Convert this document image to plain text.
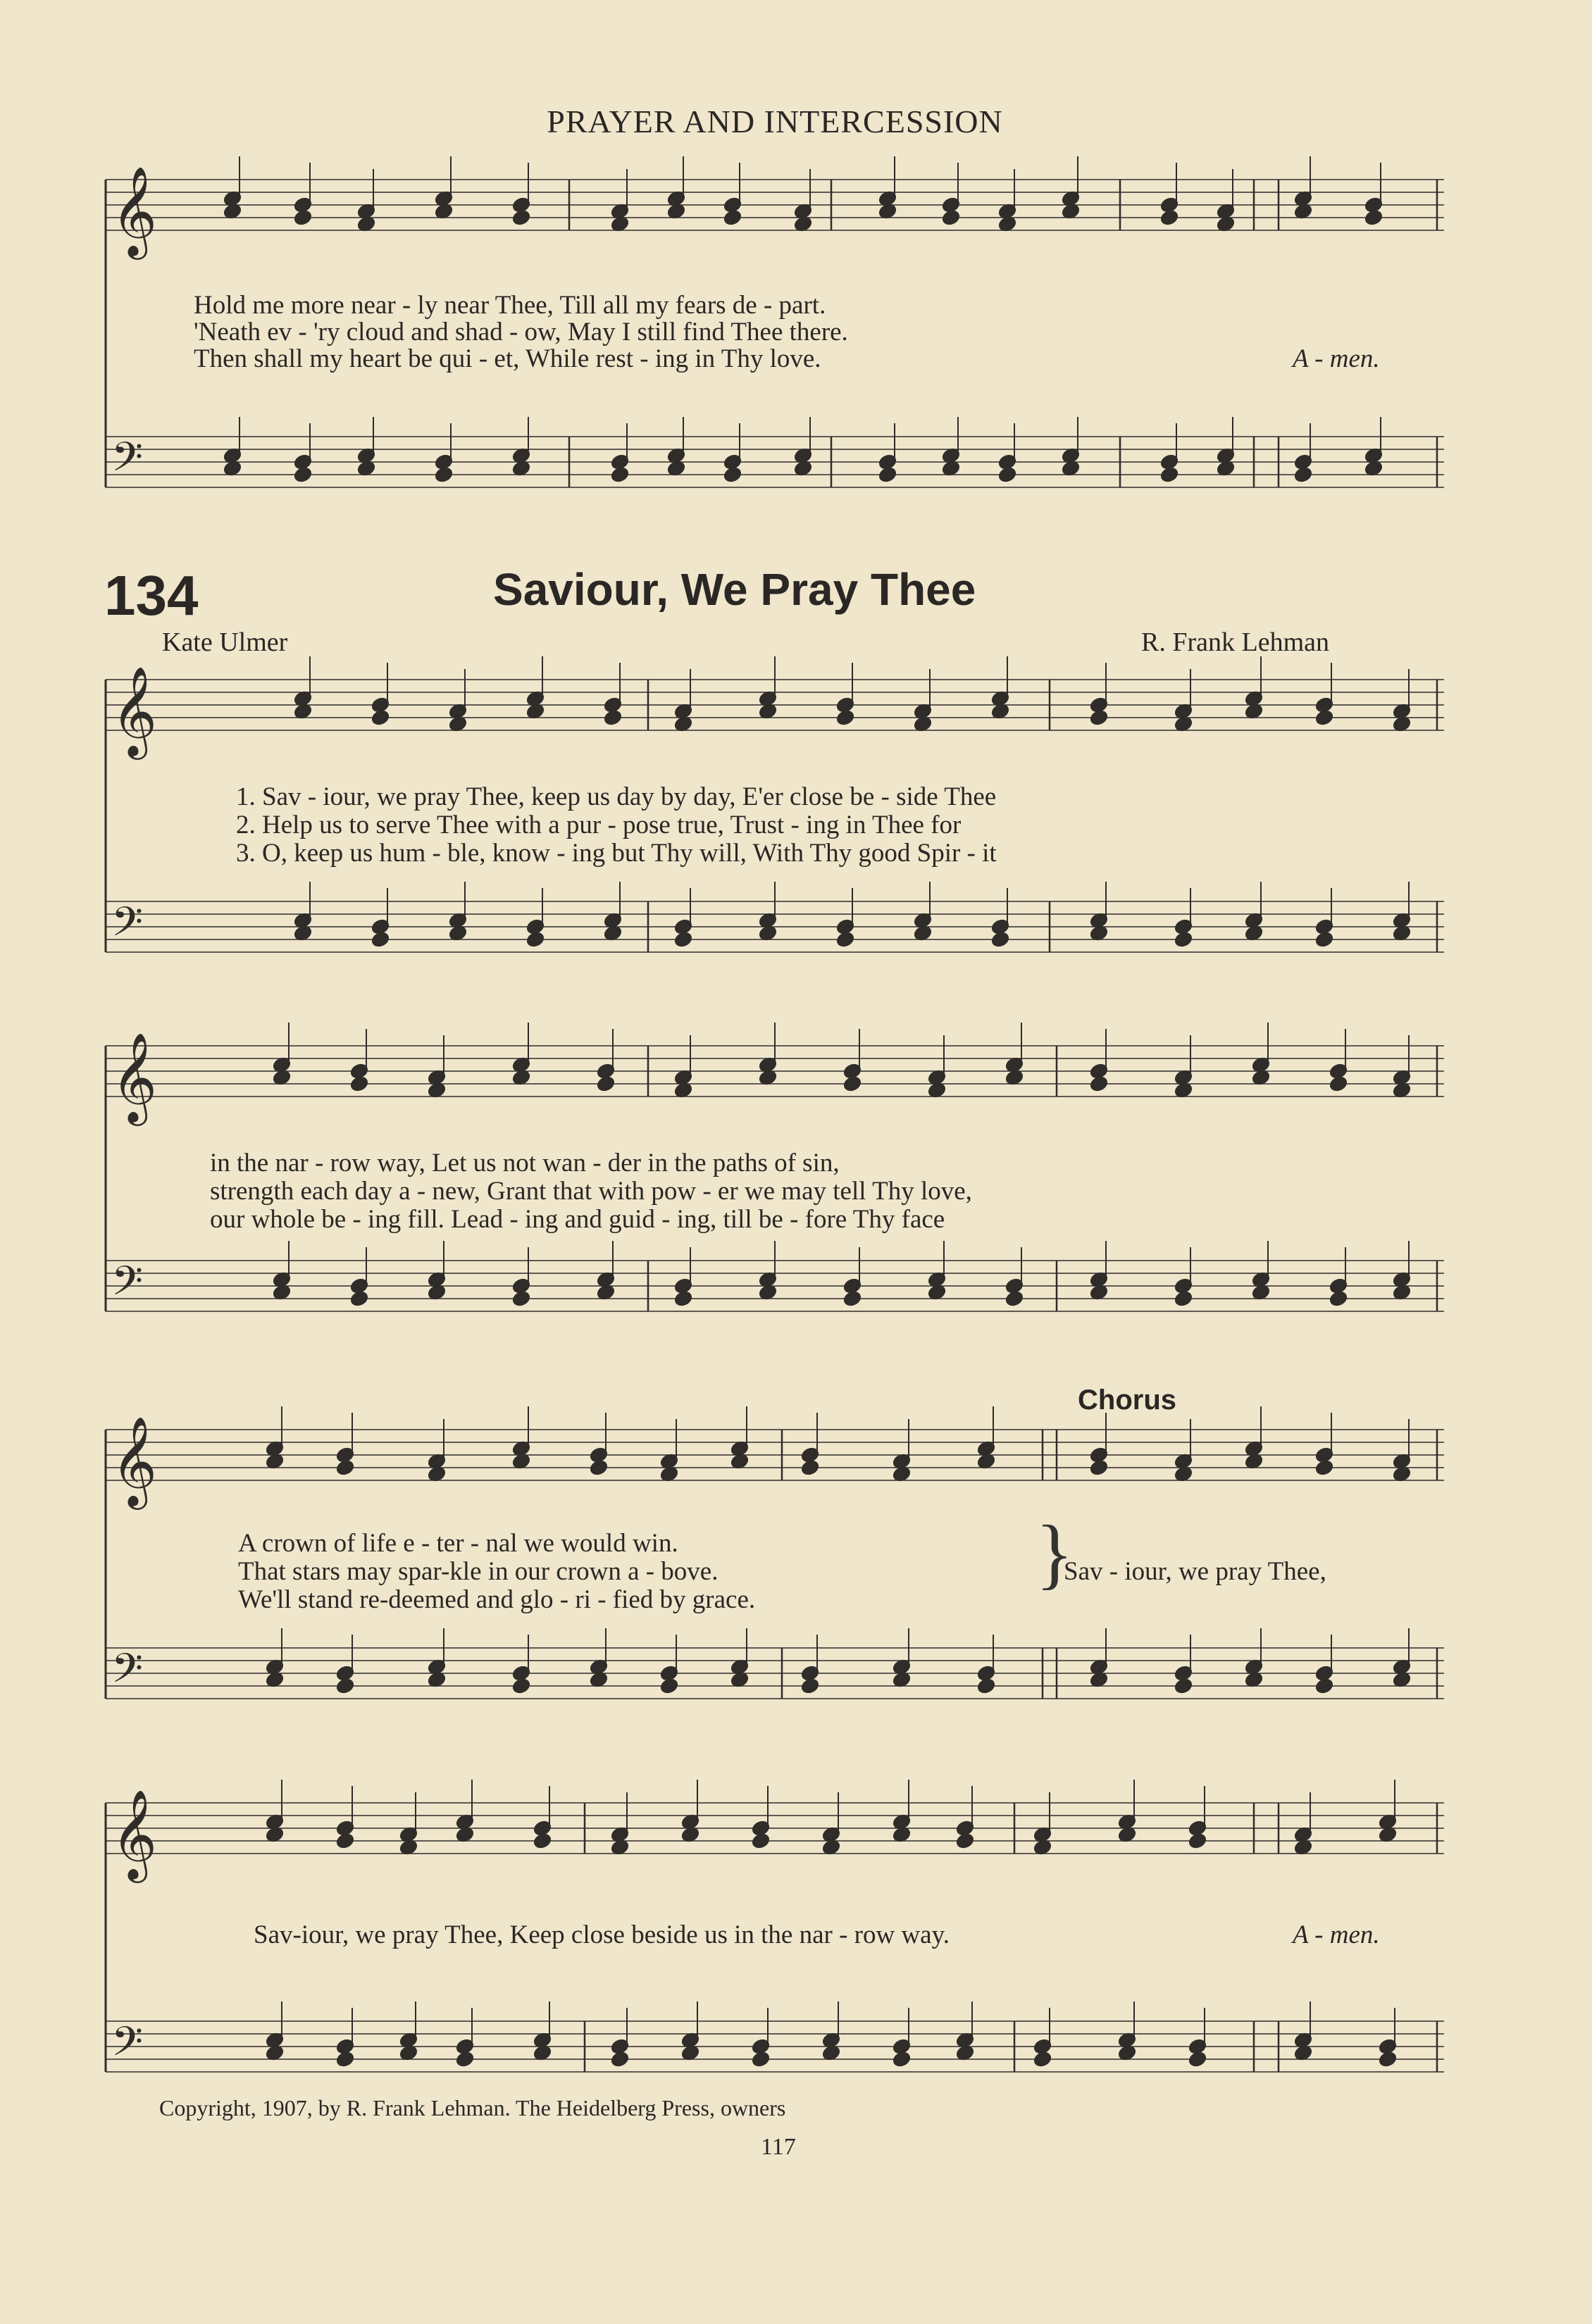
𝄞
𝄢
𝄞
𝄢
𝄞
𝄢
𝄞
𝄢
𝄞
𝄢
PRAYER AND INTERCESSION
Hold me more near - ly near Thee, Till all my fears de - part.
'Neath ev - 'ry cloud and shad - ow, May I still find Thee there.
Then shall my heart be qui - et, While rest - ing in Thy love.	A - men.
134	Saviour, We Pray Thee
Kate Ulmer	R. Frank Lehman
1. Sav - iour, we pray Thee, keep us day by day, E'er close be - side Thee
2. Help us to serve Thee with a pur - pose true, Trust - ing in Thee for
3. O, keep us hum - ble, know - ing but Thy will, With Thy good Spir - it
in the nar - row way, Let us not wan - der in the paths of sin,
strength each day a - new, Grant that with pow - er we may tell Thy love,
our whole be - ing fill. Lead - ing and guid - ing, till be - fore Thy face
Chorus
A crown of life e - ter - nal we would win.
That stars may spar-kle in our crown a - bove.
We'll stand re-deemed and glo - ri - fied by grace.
}
Sav - iour, we pray Thee,
Sav-iour, we pray Thee, Keep close beside us in the nar - row way.	A - men.
Copyright, 1907, by R. Frank Lehman. The Heidelberg Press, owners
117
